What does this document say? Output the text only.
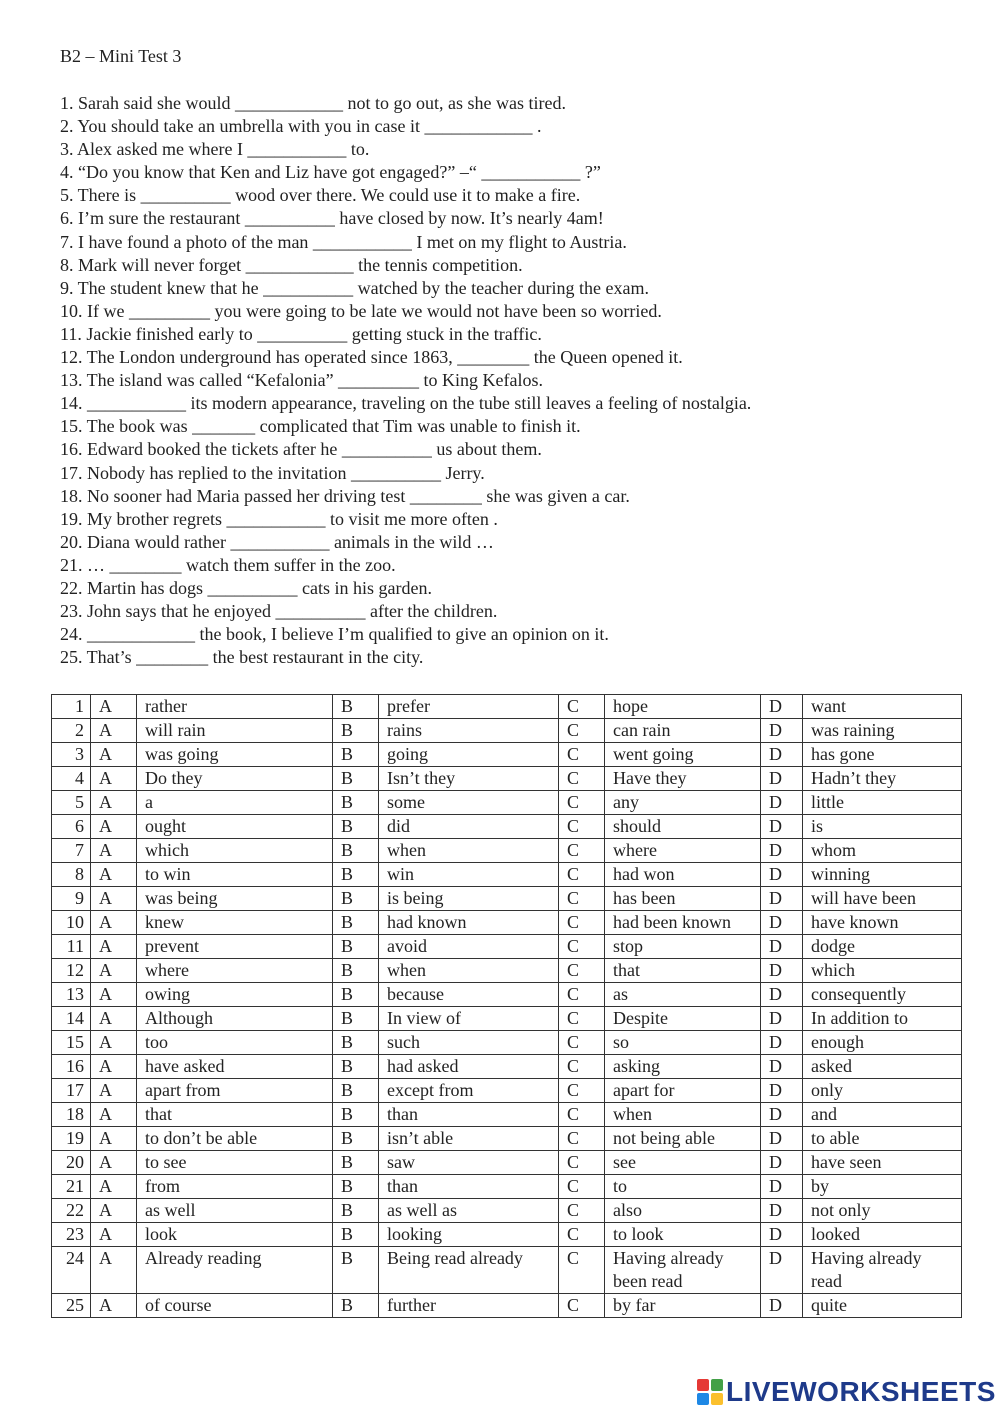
B2 – Mini Test 3
1. Sarah said she would ____________ not to go out, as she was tired.
2. You should take an umbrella with you in case it ____________ .
3. Alex asked me where I ___________ to.
4. “Do you know that Ken and Liz have got engaged?” –“ ___________ ?”
5. There is __________ wood over there. We could use it to make a fire.
6. I’m sure the restaurant __________ have closed by now. It’s nearly 4am!
7. I have found a photo of the man ___________ I met on my flight to Austria.
8. Mark will never forget ____________ the tennis competition.
9. The student knew that he __________ watched by the teacher during the exam.
10. If we _________ you were going to be late we would not have been so worried.
11. Jackie finished early to __________ getting stuck in the traffic.
12. The London underground has operated since 1863, ________ the Queen opened it.
13. The island was called “Kefalonia” _________ to King Kefalos.
14. ___________ its modern appearance, traveling on the tube still leaves a feeling of nostalgia.
15. The book was _______ complicated that Tim was unable to finish it.
16. Edward booked the tickets after he __________ us about them.
17. Nobody has replied to the invitation __________ Jerry.
18. No sooner had Maria passed her driving test ________ she was given a car.
19. My brother regrets ___________ to visit me more often .
20. Diana would rather ___________ animals in the wild …
21. … ________ watch them suffer in the zoo.
22. Martin has dogs __________ cats in his garden.
23. John says that he enjoyed __________ after the children.
24. ____________ the book, I believe I’m qualified to give an opinion on it.
25. That’s ________ the best restaurant in the city.
1	A	rather	B	prefer	C	hope	D	want
2	A	will rain	B	rains	C	can rain	D	was raining
3	A	was going	B	going	C	went going	D	has gone
4	A	Do they	B	Isn’t they	C	Have they	D	Hadn’t they
5	A	a	B	some	C	any	D	little
6	A	ought	B	did	C	should	D	is
7	A	which	B	when	C	where	D	whom
8	A	to win	B	win	C	had won	D	winning
9	A	was being	B	is being	C	has been	D	will have been
10	A	knew	B	had known	C	had been known	D	have known
11	A	prevent	B	avoid	C	stop	D	dodge
12	A	where	B	when	C	that	D	which
13	A	owing	B	because	C	as	D	consequently
14	A	Although	B	In view of	C	Despite	D	In addition to
15	A	too	B	such	C	so	D	enough
16	A	have asked	B	had asked	C	asking	D	asked
17	A	apart from	B	except from	C	apart for	D	only
18	A	that	B	than	C	when	D	and
19	A	to don’t be able	B	isn’t able	C	not being able	D	to able
20	A	to see	B	saw	C	see	D	have seen
21	A	from	B	than	C	to	D	by
22	A	as well	B	as well as	C	also	D	not only
23	A	look	B	looking	C	to look	D	looked
24	A	Already reading	B	Being read already	C	Having already been read	D	Having already read
25	A	of course	B	further	C	by far	D	quite
LIVEWORKSHEETS
